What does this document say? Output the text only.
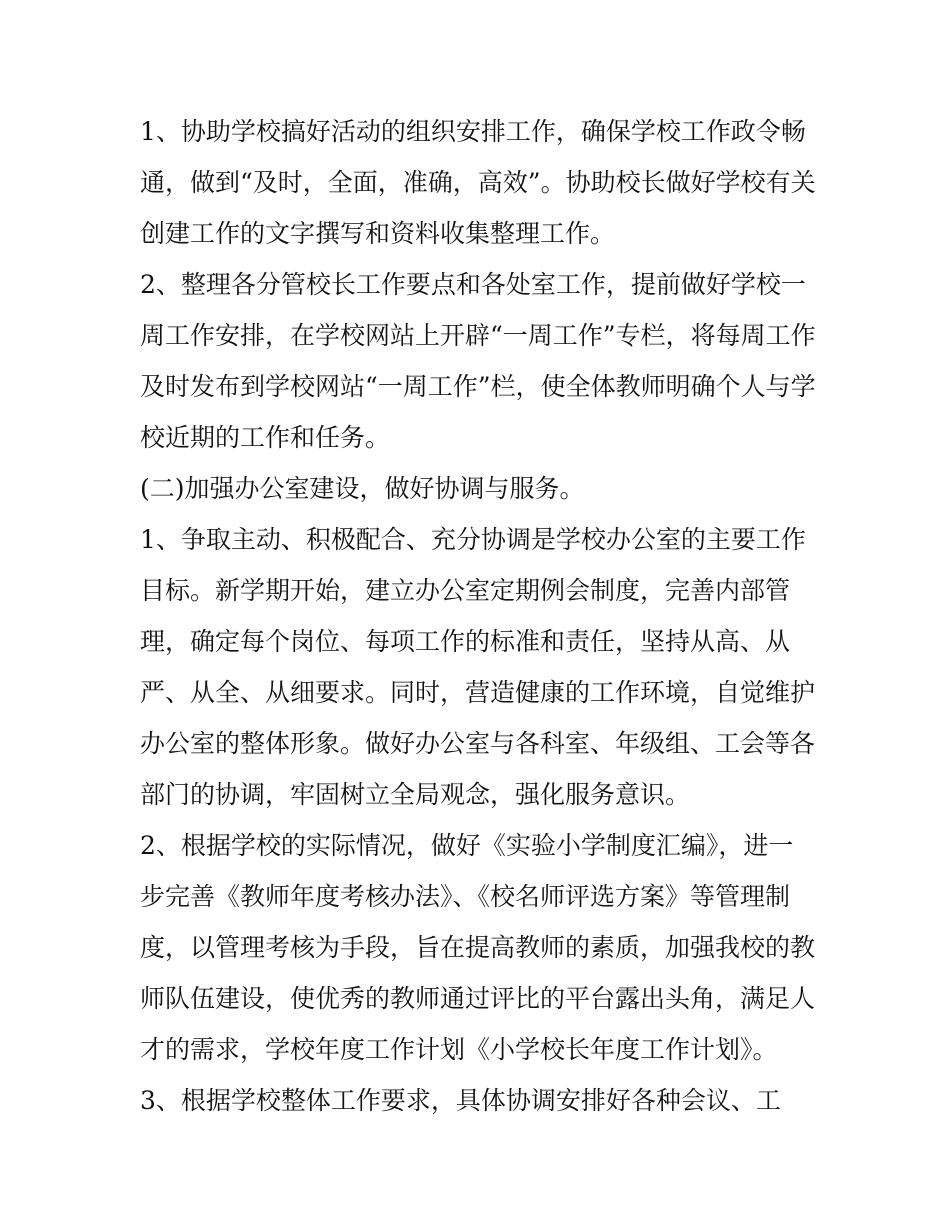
1、协助学校搞好活动的组织安排工作，确保学校工作政令畅
通，做到“及时，全面，准确，高效”。协助校长做好学校有关
创建工作的文字撰写和资料收集整理工作。
2、整理各分管校长工作要点和各处室工作，提前做好学校一
周工作安排，在学校网站上开辟“一周工作”专栏，将每周工作
及时发布到学校网站“一周工作”栏，使全体教师明确个人与学
校近期的工作和任务。
(二)加强办公室建设，做好协调与服务。
1、争取主动、积极配合、充分协调是学校办公室的主要工作
目标。新学期开始，建立办公室定期例会制度，完善内部管
理，确定每个岗位、每项工作的标准和责任，坚持从高、从
严、从全、从细要求。同时，营造健康的工作环境，自觉维护
办公室的整体形象。做好办公室与各科室、年级组、工会等各
部门的协调，牢固树立全局观念，强化服务意识。
2、根据学校的实际情况，做好《实验小学制度汇编》，进一
步完善《教师年度考核办法》、《校名师评选方案》等管理制
度，以管理考核为手段，旨在提高教师的素质，加强我校的教
师队伍建设，使优秀的教师通过评比的平台露出头角，满足人
才的需求，学校年度工作计划《小学校长年度工作计划》。
3、根据学校整体工作要求，具体协调安排好各种会议、工
